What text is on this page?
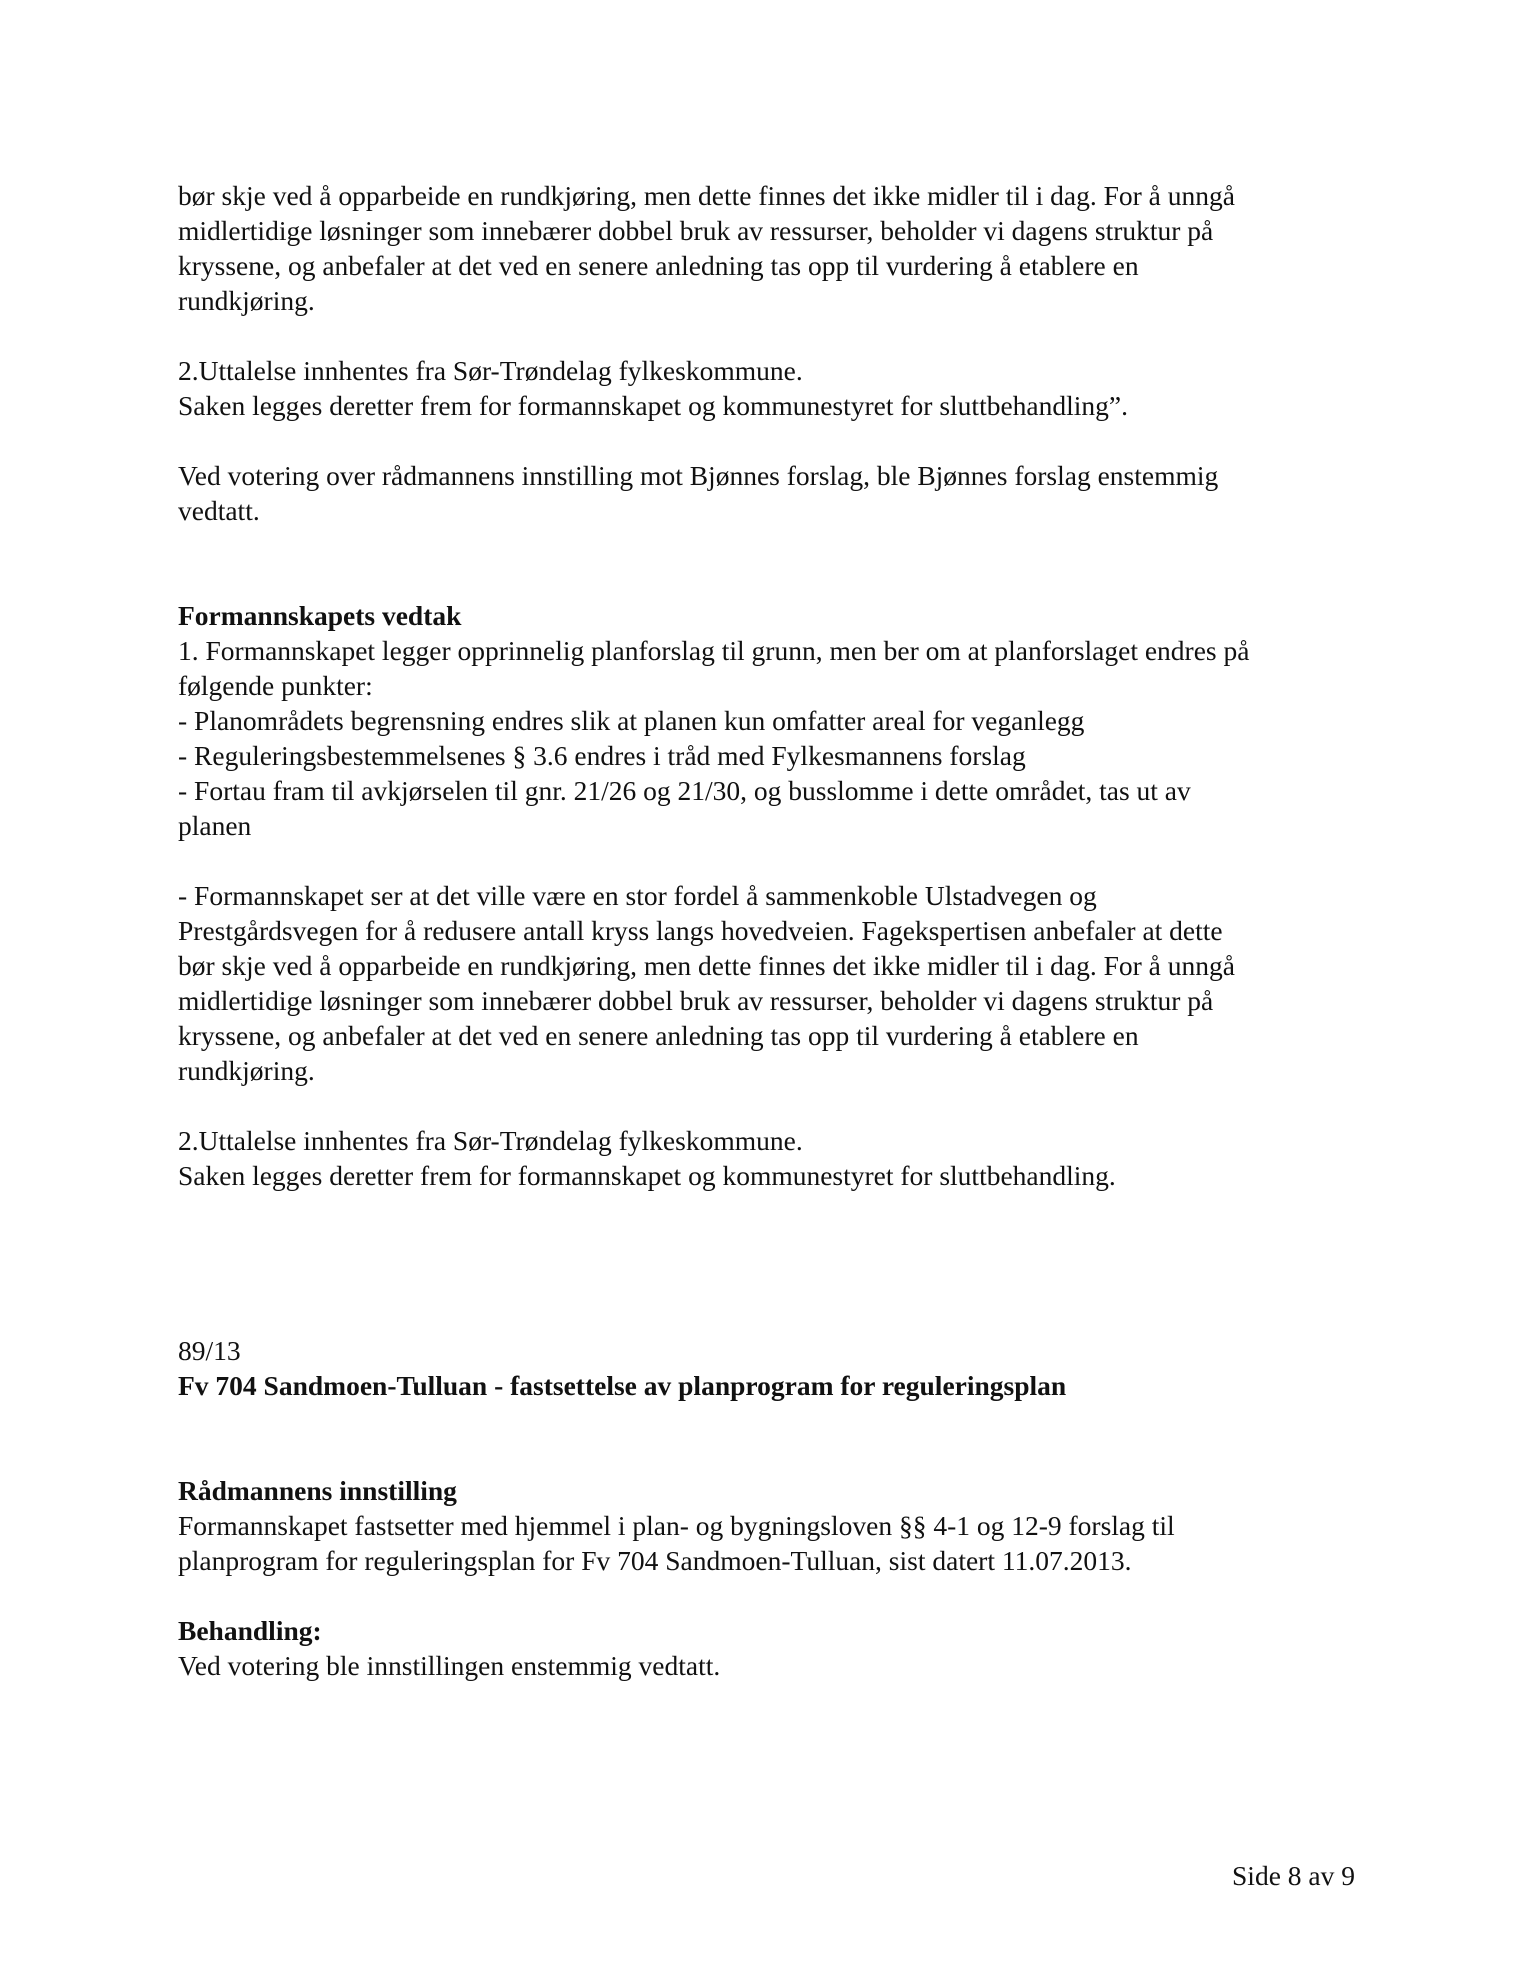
bør skje ved å opparbeide en rundkjøring, men dette finnes det ikke midler til i dag. For å unngå

midlertidige løsninger som innebærer dobbel bruk av ressurser, beholder vi dagens struktur på

kryssene, og anbefaler at det ved en senere anledning tas opp til vurdering å etablere en

rundkjøring.

2.Uttalelse innhentes fra Sør-Trøndelag fylkeskommune.

Saken legges deretter frem for formannskapet og kommunestyret for sluttbehandling”.

Ved votering over rådmannens innstilling mot Bjønnes forslag, ble Bjønnes forslag enstemmig

vedtatt.

Formannskapets vedtak

1. Formannskapet legger opprinnelig planforslag til grunn, men ber om at planforslaget endres på

følgende punkter:

- Planområdets begrensning endres slik at planen kun omfatter areal for veganlegg

- Reguleringsbestemmelsenes § 3.6 endres i tråd med Fylkesmannens forslag

- Fortau fram til avkjørselen til gnr. 21/26 og 21/30, og busslomme i dette området, tas ut av

planen

- Formannskapet ser at det ville være en stor fordel å sammenkoble Ulstadvegen og

Prestgårdsvegen for å redusere antall kryss langs hovedveien. Fagekspertisen anbefaler at dette

bør skje ved å opparbeide en rundkjøring, men dette finnes det ikke midler til i dag. For å unngå

midlertidige løsninger som innebærer dobbel bruk av ressurser, beholder vi dagens struktur på

kryssene, og anbefaler at det ved en senere anledning tas opp til vurdering å etablere en

rundkjøring.

2.Uttalelse innhentes fra Sør-Trøndelag fylkeskommune.

Saken legges deretter frem for formannskapet og kommunestyret for sluttbehandling.

89/13

Fv 704 Sandmoen-Tulluan - fastsettelse av planprogram for reguleringsplan

Rådmannens innstilling

Formannskapet fastsetter med hjemmel i plan- og bygningsloven §§ 4-1 og 12-9 forslag til

planprogram for reguleringsplan for Fv 704 Sandmoen-Tulluan, sist datert 11.07.2013.

Behandling:

Ved votering ble innstillingen enstemmig vedtatt.

Side 8 av 9
